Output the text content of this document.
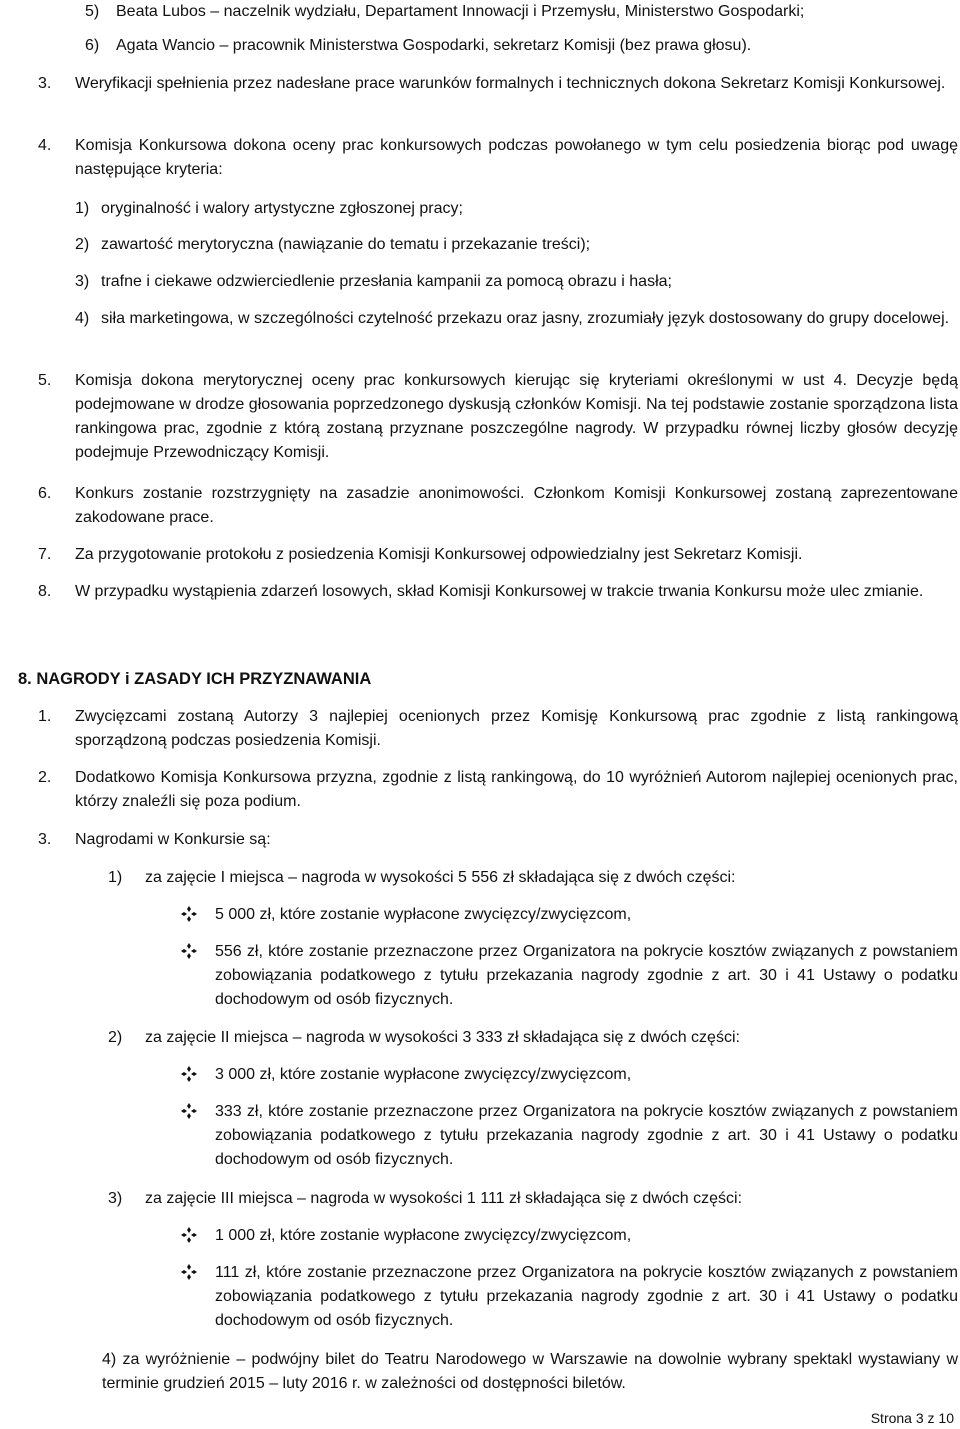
5)	Beata Lubos – naczelnik wydziału, Departament Innowacji i Przemysłu, Ministerstwo Gospodarki;
6)	Agata Wancio – pracownik Ministerstwa Gospodarki, sekretarz Komisji (bez prawa głosu).
3.	Weryfikacji spełnienia przez nadesłane prace warunków formalnych i technicznych dokona Sekretarz Komisji Konkursowej.
4.	Komisja Konkursowa dokona oceny prac konkursowych podczas powołanego w tym celu posiedzenia biorąc pod uwagę następujące kryteria:
1) oryginalność i walory artystyczne zgłoszonej pracy;
2) zawartość merytoryczna (nawiązanie do tematu i przekazanie treści);
3) trafne i ciekawe odzwierciedlenie przesłania kampanii za pomocą obrazu i hasła;
4) siła marketingowa, w szczególności czytelność przekazu oraz jasny, zrozumiały język dostosowany do grupy docelowej.
5.	Komisja dokona merytorycznej oceny prac konkursowych kierując się kryteriami określonymi w ust 4. Decyzje będą podejmowane w drodze głosowania poprzedzonego dyskusją członków Komisji. Na tej podstawie zostanie sporządzona lista rankingowa prac, zgodnie z którą zostaną przyznane poszczególne nagrody. W przypadku równej liczby głosów decyzję podejmuje Przewodniczący Komisji.
6.	Konkurs zostanie rozstrzygnięty na zasadzie anonimowości. Członkom Komisji Konkursowej zostaną zaprezentowane zakodowane prace.
7.	Za przygotowanie protokołu z posiedzenia Komisji Konkursowej odpowiedzialny jest Sekretarz Komisji.
8.	W przypadku wystąpienia zdarzeń losowych, skład Komisji Konkursowej w trakcie trwania Konkursu może ulec zmianie.
8. NAGRODY i ZASADY ICH PRZYZNAWANIA
1.	Zwycięzcami zostaną Autorzy 3 najlepiej ocenionych przez Komisję Konkursową prac zgodnie z listą rankingową sporządzoną podczas posiedzenia Komisji.
2.	Dodatkowo Komisja Konkursowa przyzna, zgodnie z listą rankingową, do 10 wyróżnień Autorom najlepiej ocenionych prac, którzy znaleźli się poza podium.
3.	Nagrodami w Konkursie są:
1)	za zajęcie I miejsca – nagroda w wysokości 5 556 zł składająca się z dwóch części:
5 000 zł, które zostanie wypłacone zwycięzcy/zwycięzcom,
556 zł, które zostanie przeznaczone przez Organizatora na pokrycie kosztów związanych z powstaniem zobowiązania podatkowego z tytułu przekazania nagrody zgodnie z art. 30 i 41 Ustawy o podatku dochodowym od osób fizycznych.
2)	za zajęcie II miejsca – nagroda w wysokości 3 333 zł składająca się z dwóch części:
3 000 zł, które zostanie wypłacone zwycięzcy/zwycięzcom,
333 zł, które zostanie przeznaczone przez Organizatora na pokrycie kosztów związanych z powstaniem zobowiązania podatkowego z tytułu przekazania nagrody zgodnie z art. 30 i 41 Ustawy o podatku dochodowym od osób fizycznych.
3)	za zajęcie III miejsca – nagroda w wysokości 1 111 zł składająca się z dwóch części:
1 000 zł, które zostanie wypłacone zwycięzcy/zwycięzcom,
111 zł, które zostanie przeznaczone przez Organizatora na pokrycie kosztów związanych z powstaniem zobowiązania podatkowego z tytułu przekazania nagrody zgodnie z art. 30 i 41 Ustawy o podatku dochodowym od osób fizycznych.
4) za wyróżnienie – podwójny bilet do Teatru Narodowego w Warszawie na dowolnie wybrany spektakl wystawiany w terminie grudzień 2015 – luty 2016 r. w zależności od dostępności biletów.
Strona 3 z 10
